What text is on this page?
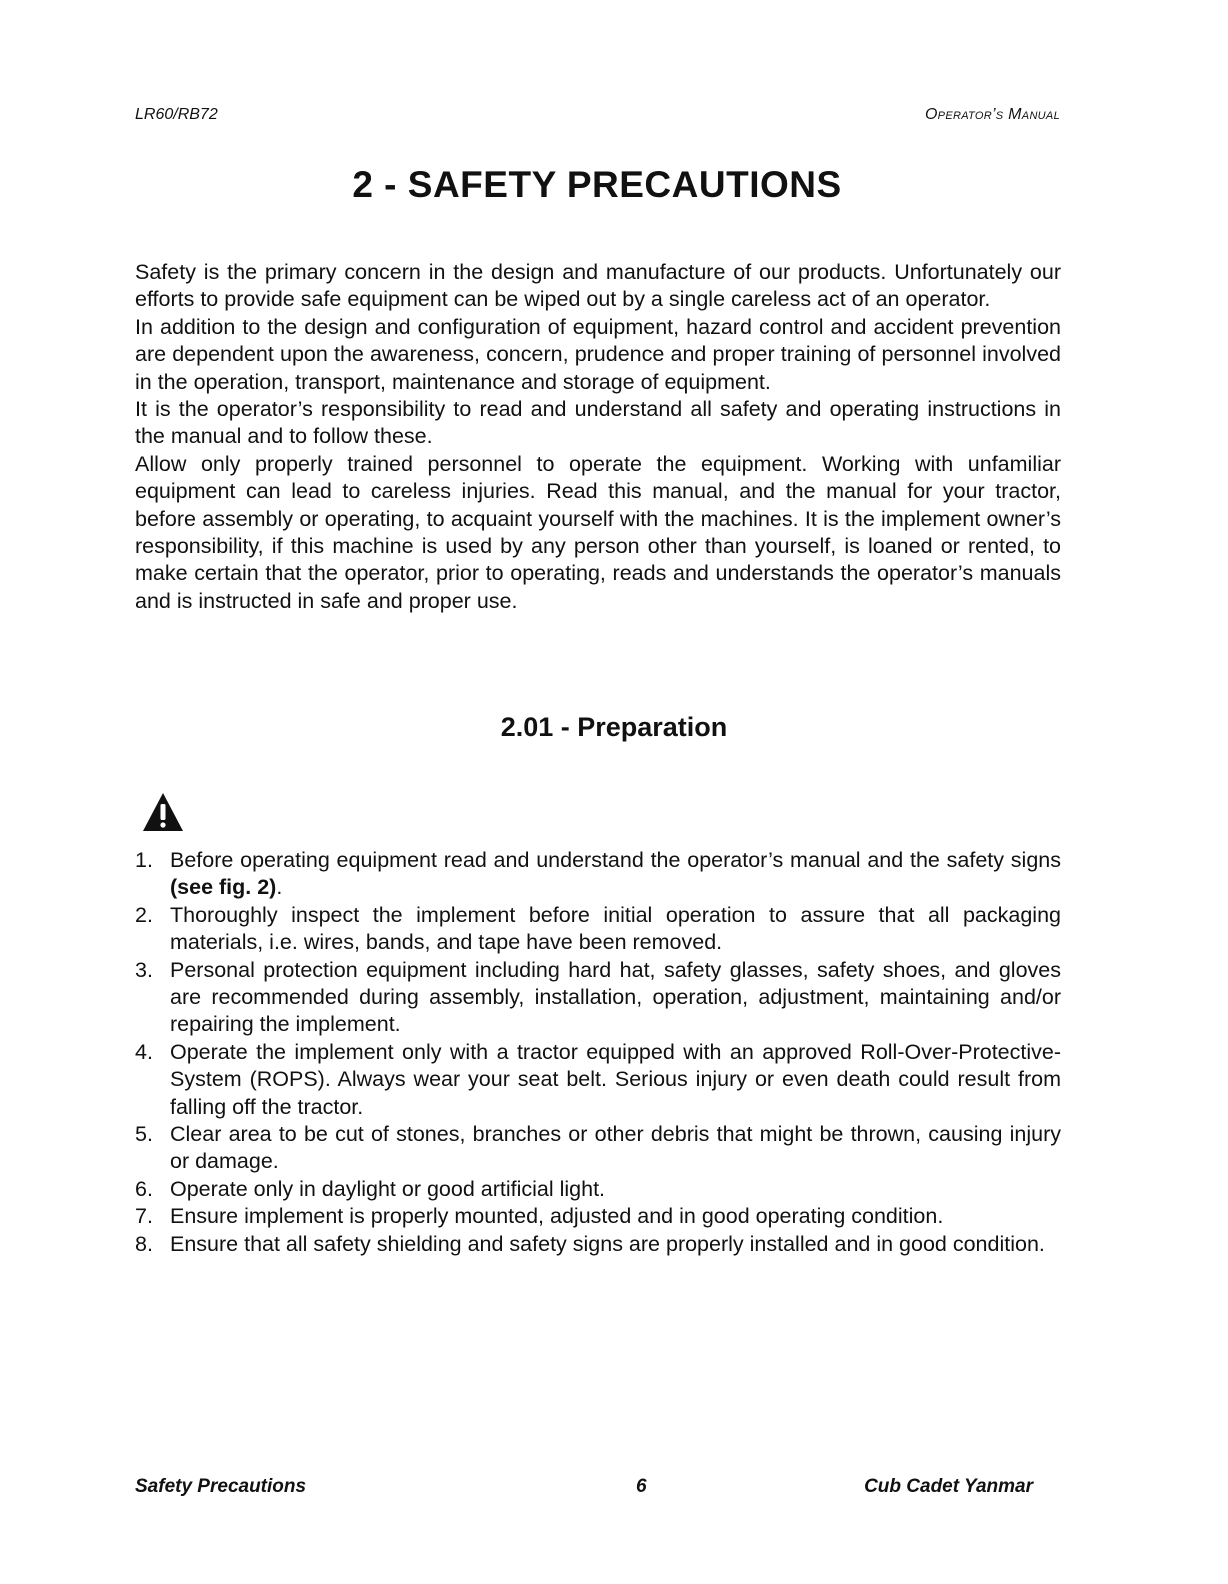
LR60/RB72	Operator’s Manual
2 - SAFETY PRECAUTIONS

Safety is the primary concern in the design and manufacture of our products. Unfortunately our efforts to provide safe equipment can be wiped out by a single careless act of an operator.

In addition to the design and configuration of equipment, hazard control and accident prevention are dependent upon the awareness, concern, prudence and proper training of personnel involved in the operation, transport, maintenance and storage of equipment.

It is the operator’s responsibility to read and understand all safety and operating instructions in the manual and to follow these.

Allow only properly trained personnel to operate the equipment. Working with unfamiliar equipment can lead to careless injuries. Read this manual, and the manual for your tractor, before assembly or operating, to acquaint yourself with the machines. It is the implement owner’s responsibility, if this machine is used by any person other than yourself, is loaned or rented, to make certain that the operator, prior to operating, reads and understands the operator’s manuals and is instructed in safe and proper use.

2.01 - Preparation
1. Before operating equipment read and understand the operator’s manual and the safety signs (see fig. 2).
2. Thoroughly inspect the implement before initial operation to assure that all packaging materials, i.e. wires, bands, and tape have been removed.
3. Personal protection equipment including hard hat, safety glasses, safety shoes, and gloves are recommended during assembly, installation, operation, adjustment, maintaining and/or repairing the implement.
4. Operate the implement only with a tractor equipped with an approved Roll-Over-Protective-System (ROPS). Always wear your seat belt. Serious injury or even death could result from falling off the tractor.
5. Clear area to be cut of stones, branches or other debris that might be thrown, causing injury or damage.
6. Operate only in daylight or good artificial light.
7. Ensure implement is properly mounted, adjusted and in good operating condition.
8. Ensure that all safety shielding and safety signs are properly installed and in good condition.
Safety Precautions	6	Cub Cadet Yanmar
